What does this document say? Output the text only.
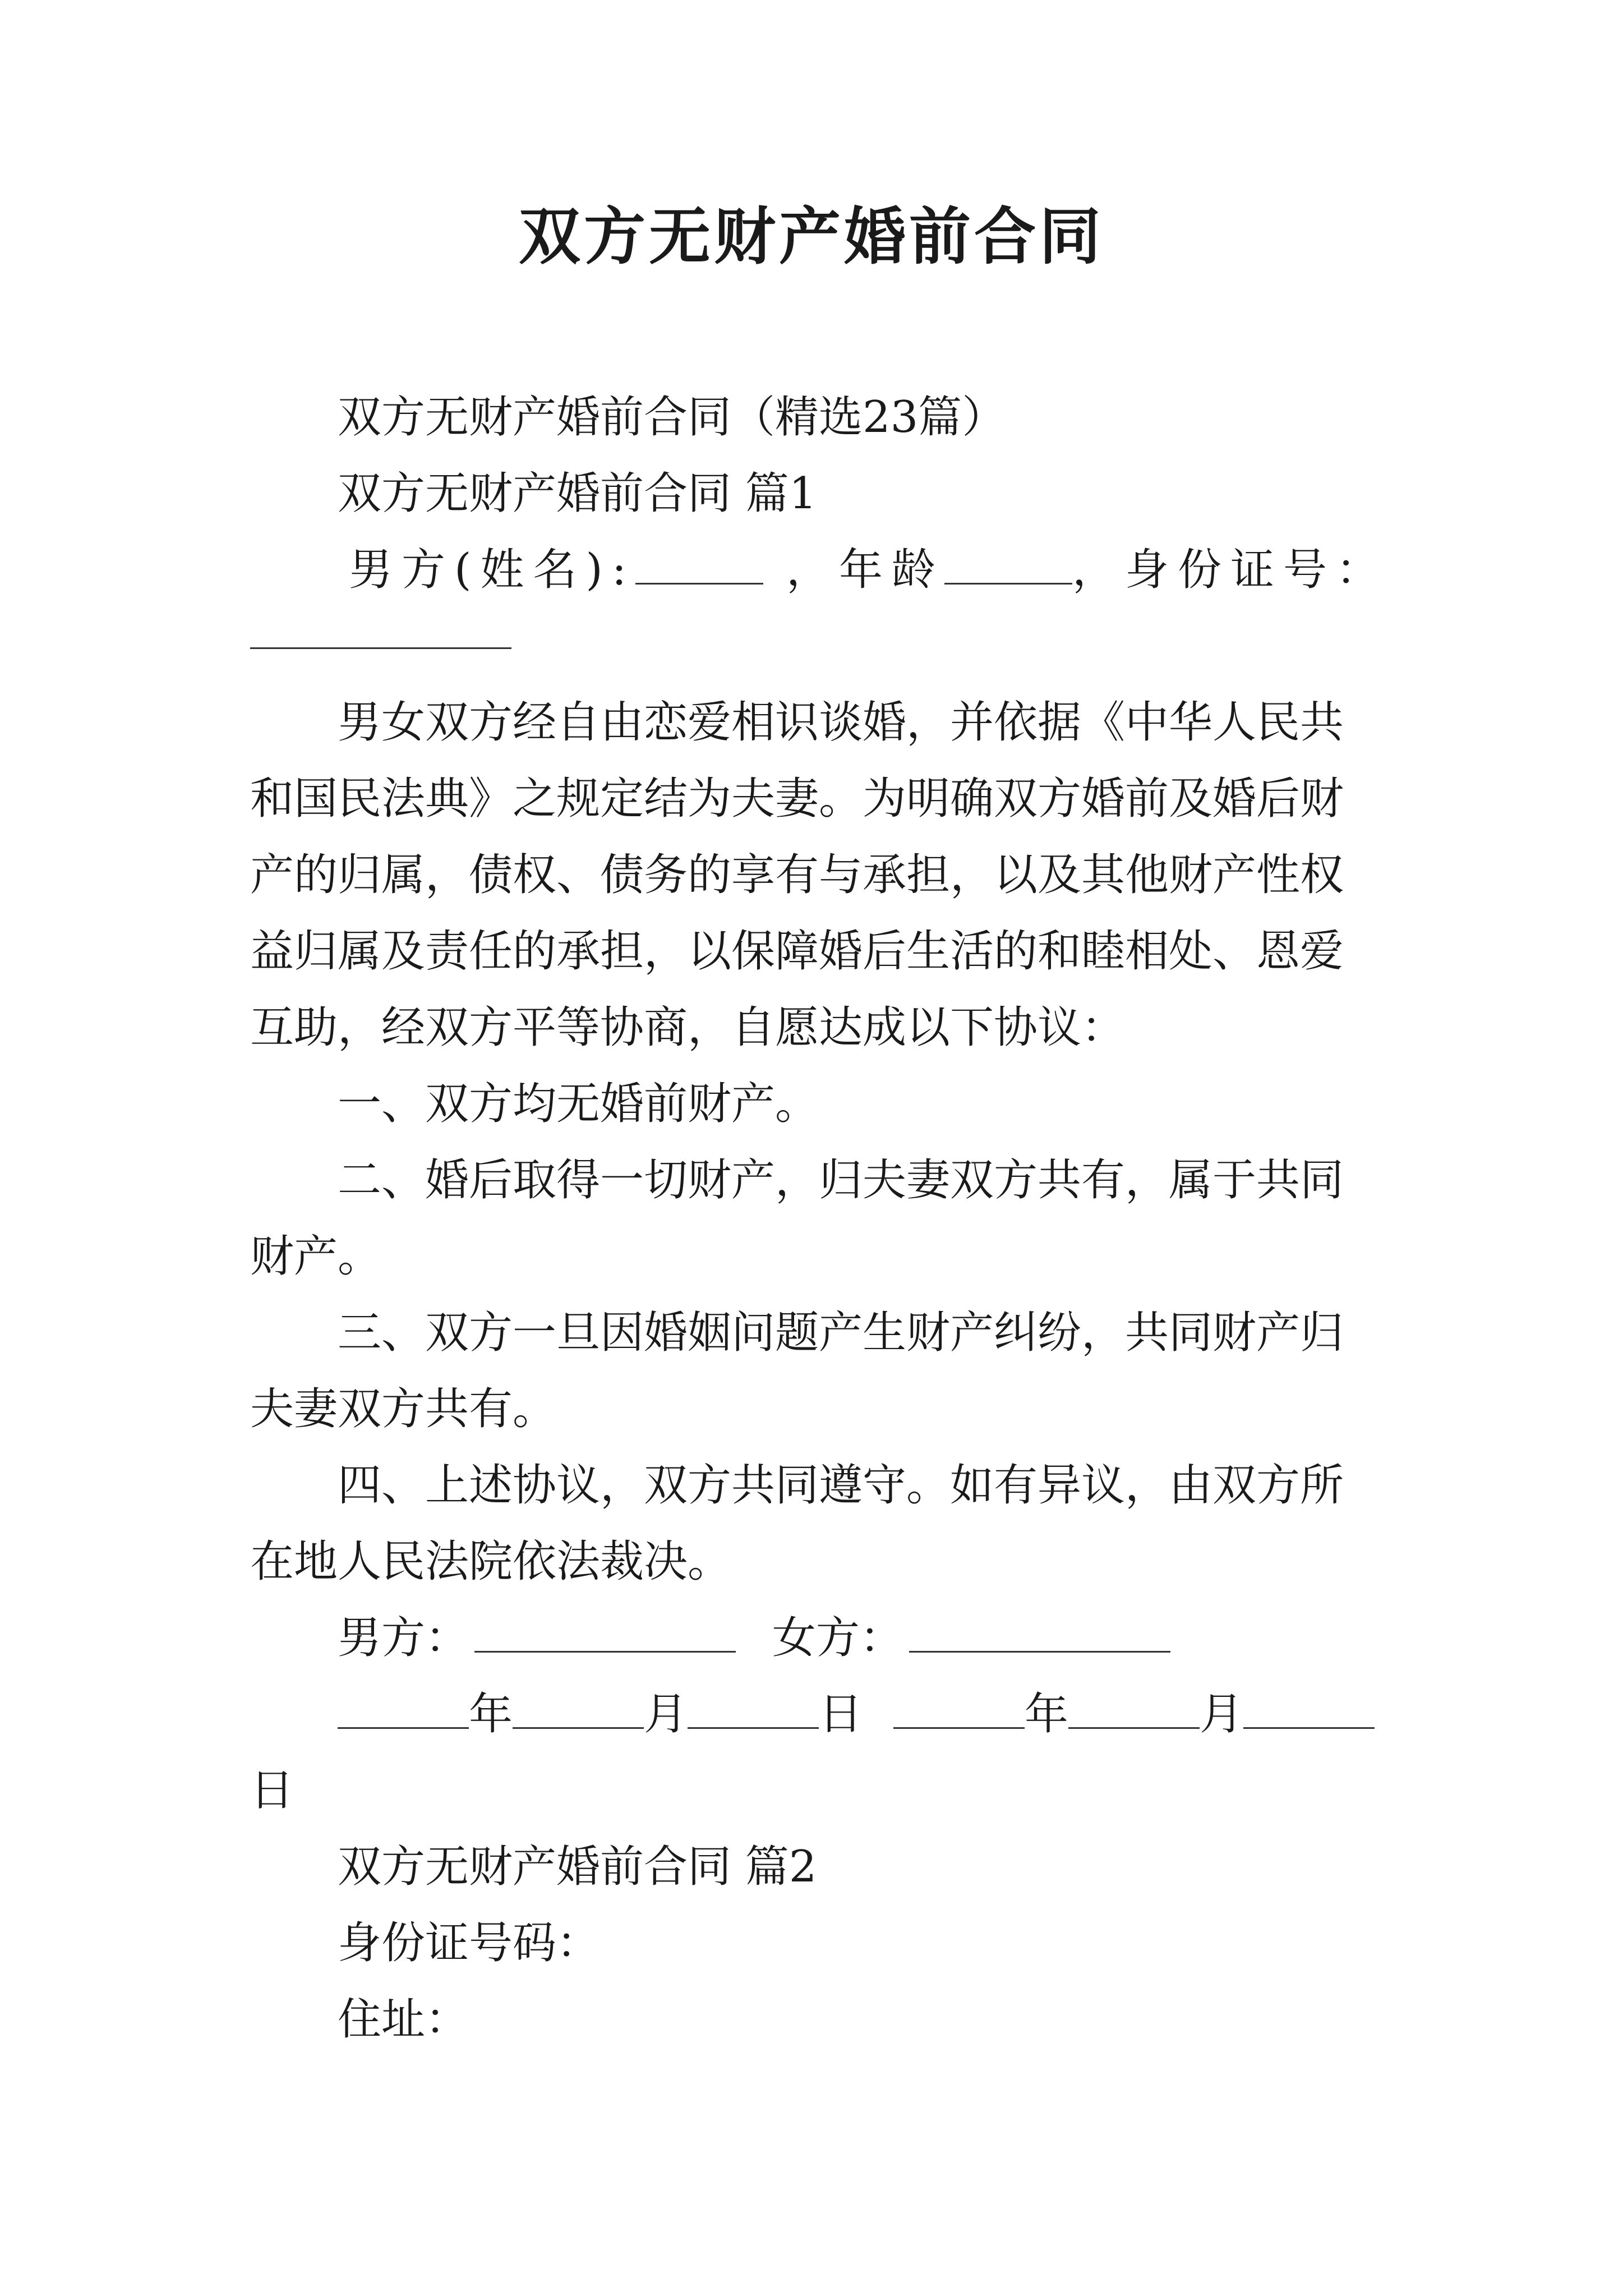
双方无财产婚前合同

双方无财产婚前合同（精选23篇）

双方无财产婚前合同 篇1

男方(姓名):	，年龄	，身份证号：

男女双方经自由恋爱相识谈婚，并依据《中华人民共和国民法典》之规定结为夫妻。为明确双方婚前及婚后财产的归属，债权、债务的享有与承担，以及其他财产性权益归属及责任的承担，以保障婚后生活的和睦相处、恩爱互助，经双方平等协商，自愿达成以下协议：

一、双方均无婚前财产。

二、婚后取得一切财产，归夫妻双方共有，属于共同财产。

三、双方一旦因婚姻问题产生财产纠纷，共同财产归夫妻双方共有。

四、上述协议，双方共同遵守。如有异议，由双方所在地人民法院依法裁决。

男方：	女方：

年	月	日	年	月

日

双方无财产婚前合同 篇2

身份证号码：

住址：
